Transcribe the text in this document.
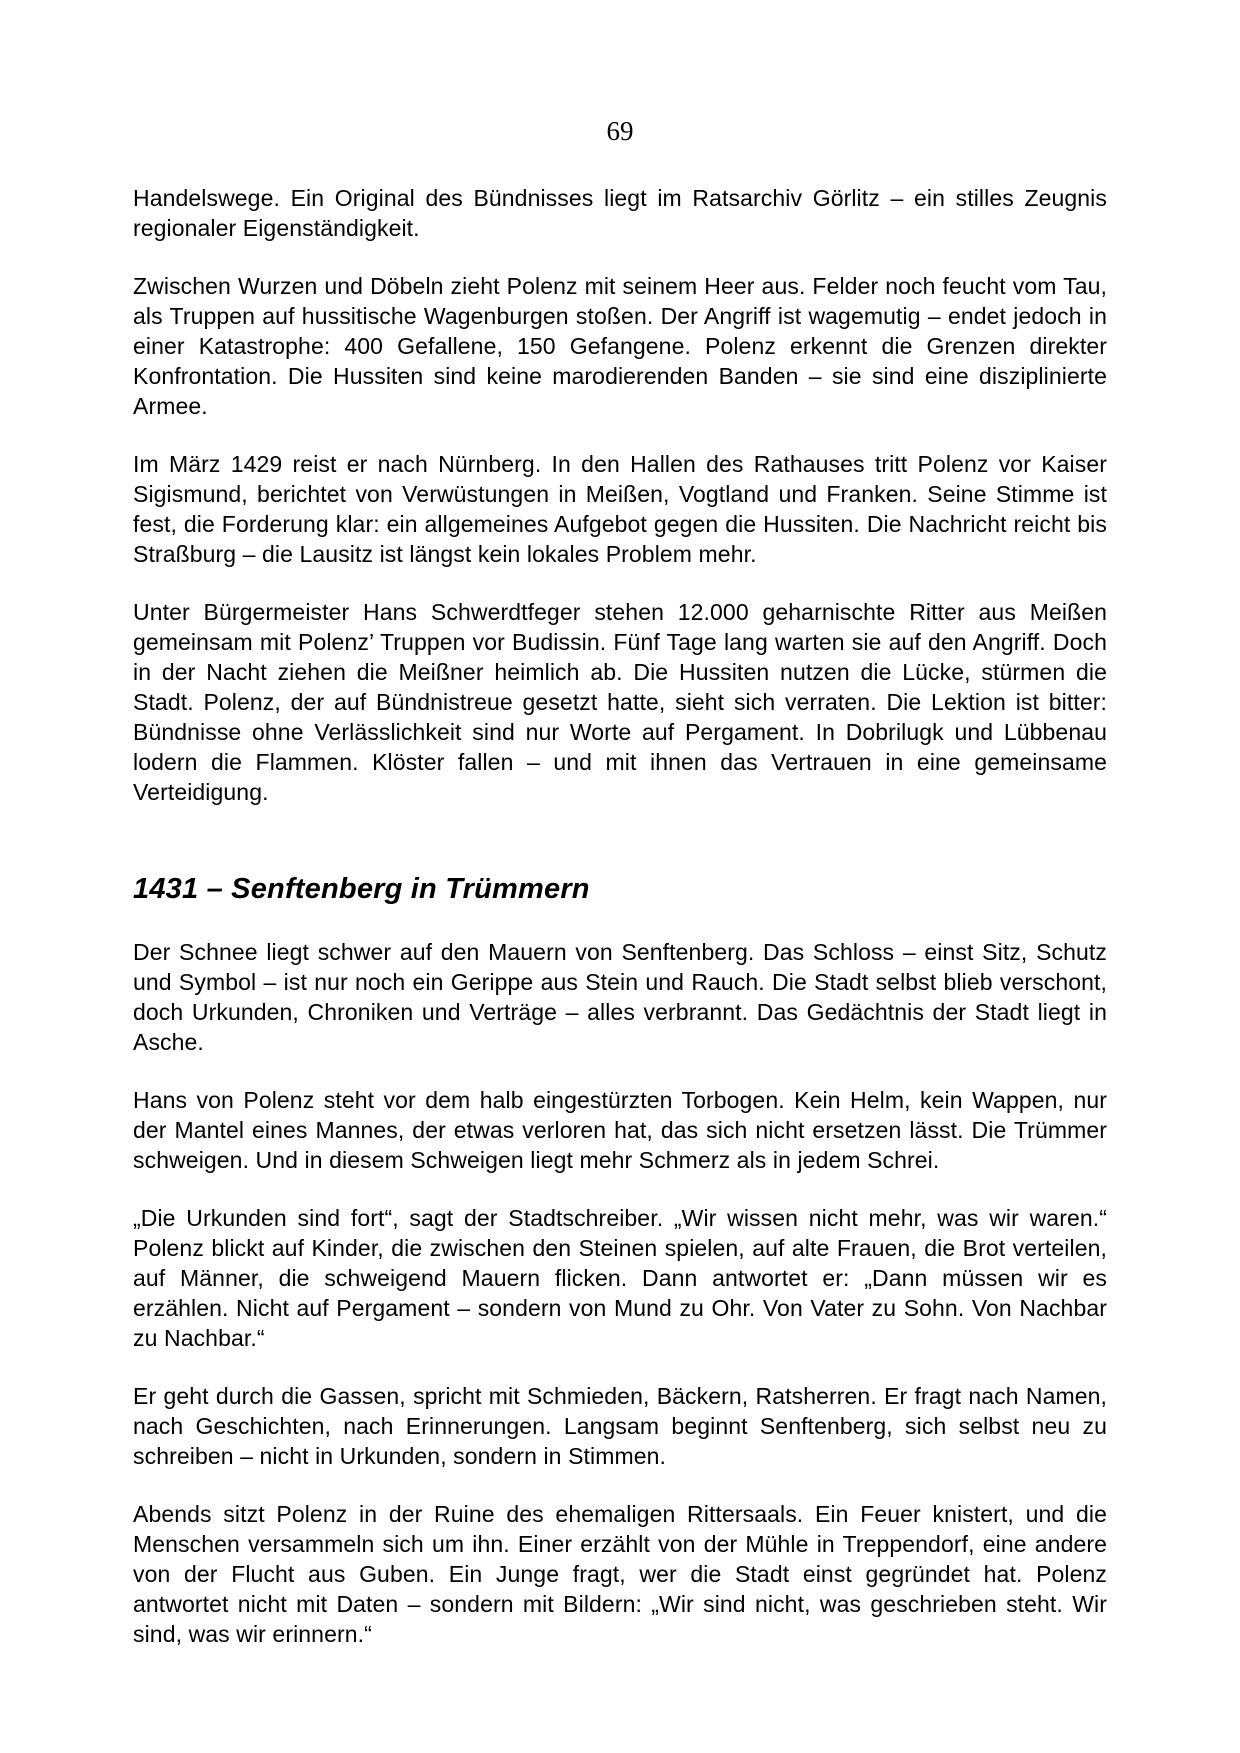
69

Handelswege. Ein Original des Bündnisses liegt im Ratsarchiv Görlitz – ein stilles Zeugnis regionaler Eigenständigkeit.

Zwischen Wurzen und Döbeln zieht Polenz mit seinem Heer aus. Felder noch feucht vom Tau, als Truppen auf hussitische Wagenburgen stoßen. Der Angriff ist wagemutig – endet jedoch in einer Katastrophe: 400 Gefallene, 150 Gefangene. Polenz erkennt die Grenzen direkter Konfrontation. Die Hussiten sind keine marodierenden Banden – sie sind eine disziplinierte Armee.

Im März 1429 reist er nach Nürnberg. In den Hallen des Rathauses tritt Polenz vor Kaiser Sigismund, berichtet von Verwüstungen in Meißen, Vogtland und Franken. Seine Stimme ist fest, die Forderung klar: ein allgemeines Aufgebot gegen die Hussiten. Die Nachricht reicht bis Straßburg – die Lausitz ist längst kein lokales Problem mehr.

Unter Bürgermeister Hans Schwerdtfeger stehen 12.000 geharnischte Ritter aus Meißen gemeinsam mit Polenz’ Truppen vor Budissin. Fünf Tage lang warten sie auf den Angriff. Doch in der Nacht ziehen die Meißner heimlich ab. Die Hussiten nutzen die Lücke, stürmen die Stadt. Polenz, der auf Bündnistreue gesetzt hatte, sieht sich verraten. Die Lektion ist bitter: Bündnisse ohne Verlässlichkeit sind nur Worte auf Pergament. In Dobrilugk und Lübbenau lodern die Flammen. Klöster fallen – und mit ihnen das Vertrauen in eine gemeinsame Verteidigung.

1431 – Senftenberg in Trümmern

Der Schnee liegt schwer auf den Mauern von Senftenberg. Das Schloss – einst Sitz, Schutz und Symbol – ist nur noch ein Gerippe aus Stein und Rauch. Die Stadt selbst blieb verschont, doch Urkunden, Chroniken und Verträge – alles verbrannt. Das Gedächtnis der Stadt liegt in Asche.

Hans von Polenz steht vor dem halb eingestürzten Torbogen. Kein Helm, kein Wappen, nur der Mantel eines Mannes, der etwas verloren hat, das sich nicht ersetzen lässt. Die Trümmer schweigen. Und in diesem Schweigen liegt mehr Schmerz als in jedem Schrei.

„Die Urkunden sind fort“, sagt der Stadtschreiber. „Wir wissen nicht mehr, was wir waren.“ Polenz blickt auf Kinder, die zwischen den Steinen spielen, auf alte Frauen, die Brot verteilen, auf Männer, die schweigend Mauern flicken. Dann antwortet er: „Dann müssen wir es erzählen. Nicht auf Pergament – sondern von Mund zu Ohr. Von Vater zu Sohn. Von Nachbar zu Nachbar.“

Er geht durch die Gassen, spricht mit Schmieden, Bäckern, Ratsherren. Er fragt nach Namen, nach Geschichten, nach Erinnerungen. Langsam beginnt Senftenberg, sich selbst neu zu schreiben – nicht in Urkunden, sondern in Stimmen.

Abends sitzt Polenz in der Ruine des ehemaligen Rittersaals. Ein Feuer knistert, und die Menschen versammeln sich um ihn. Einer erzählt von der Mühle in Treppendorf, eine andere von der Flucht aus Guben. Ein Junge fragt, wer die Stadt einst gegründet hat. Polenz antwortet nicht mit Daten – sondern mit Bildern: „Wir sind nicht, was geschrieben steht. Wir sind, was wir erinnern.“
